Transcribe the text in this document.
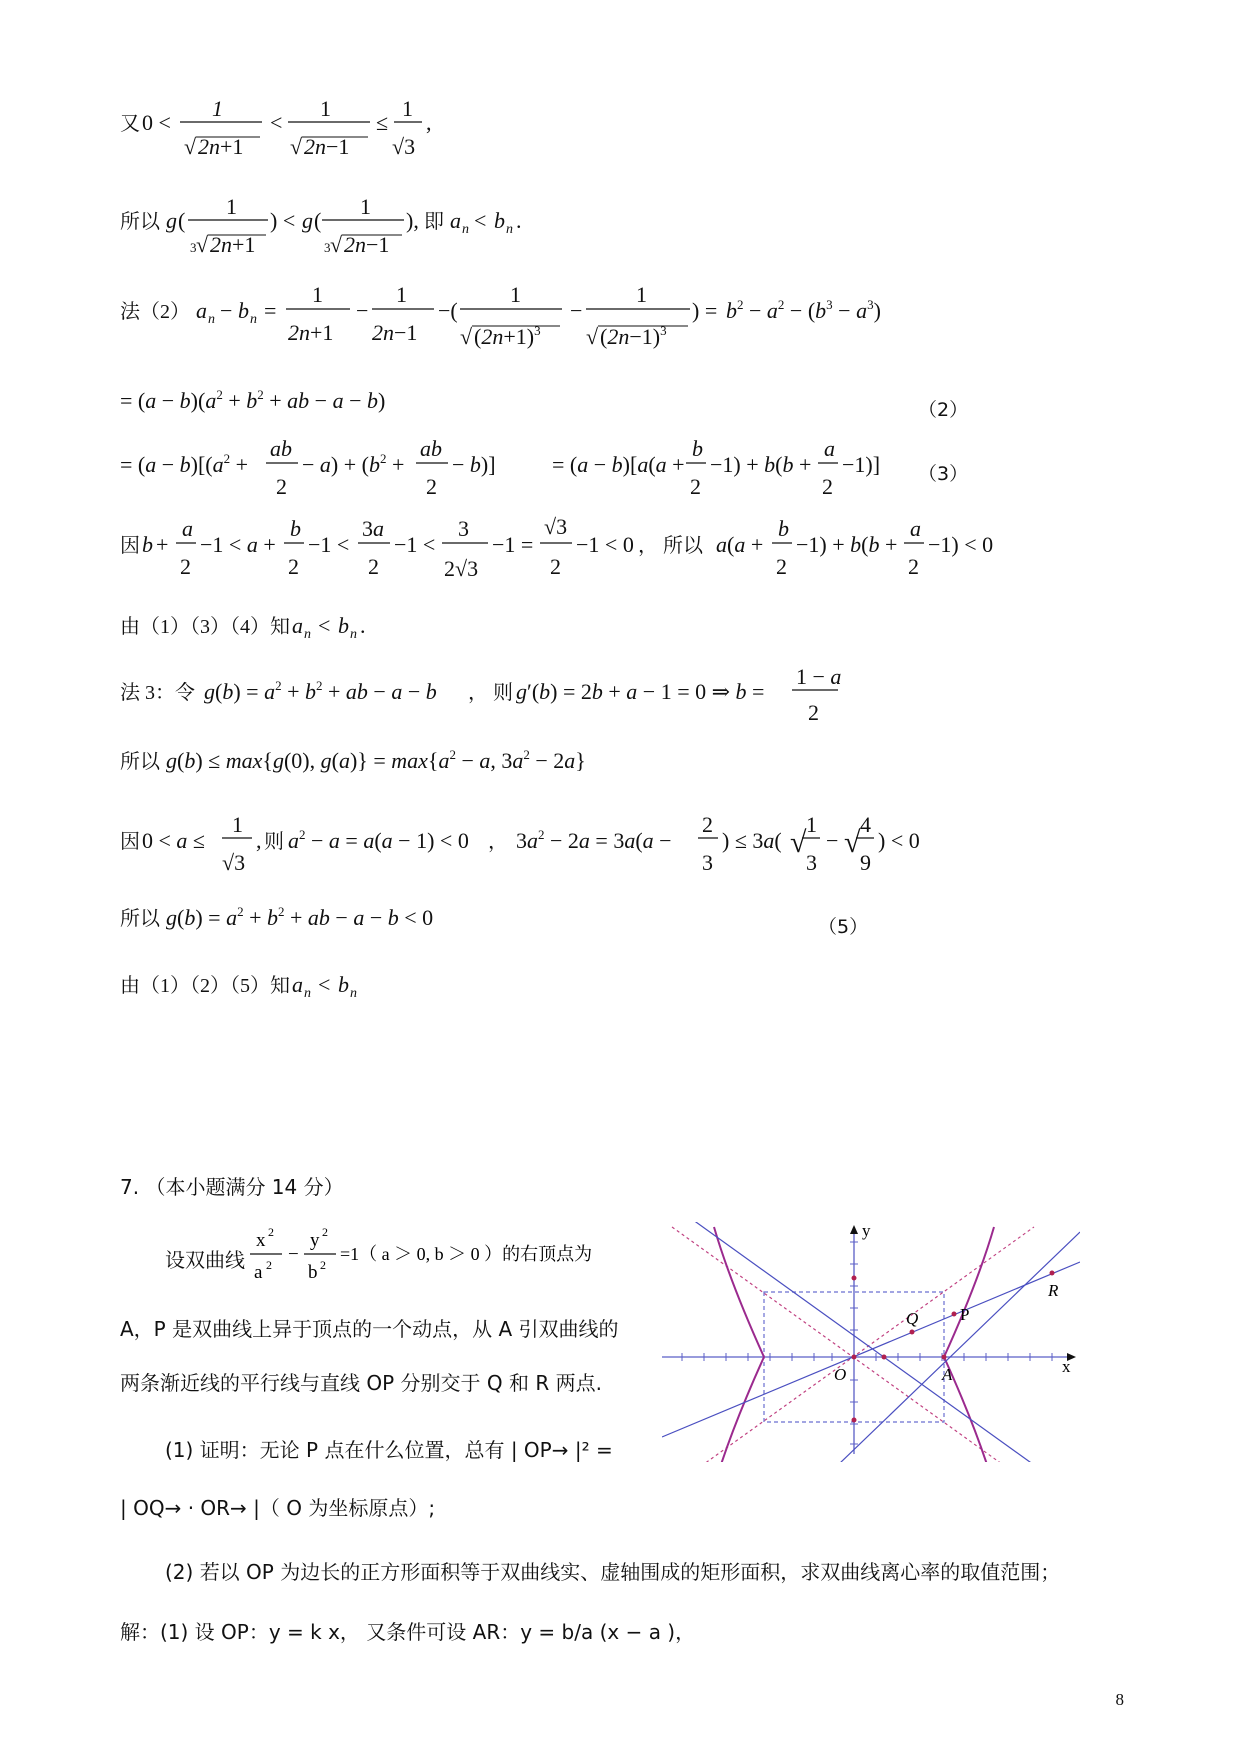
又 0 <
1
√ 2n+1
<
1
√ 2n−1
≤
1
√3
,
所以 g (
1
3 √ 2n+1
) < g (
1
3 √ 2n−1
), 即 a n < b n .
法（2） a n − b n =
1
2n+1
−
1
2n−1
−(
1
√ $(2n+1)^3$
−
1
√ $(2n-1)^3$
) = $b^2 - a^2 - (b^3 - a^3)$
= $(a - b)(a^2 + b^2$ + ab − a − b)
= $(a - b)[(a^2$ +
ab
2
− $a) + (b^2$ +
ab
2
− b)]	= (a − b)[a(a +
b
2
−1) + b(b +
a
2
−1)]
因 b +
a
2
−1 < a +
b
2
−1 <
3a
2
−1 <
3
2√3
−1 =
√3
2
−1 < 0 ， 所以 a(a +
b
2
−1) + b(b +
a
2
−1) < 0
由（1）（3）（4）知 a n < b n .
法 3：令 $g(b) = a^2 + b^2$ + ab − a − b ， 则 g′(b) = 2b + a − 1 = 0 ⇒ b =
1 − a
2
所以 g(b) ≤ max{g(0), $g(a)\} = \max\{a^2 - a$, $3a^2 - 2a$}
因 0 < a ≤
1
√3
, 则 $a^2 - a = a(a - 1) < 0$ ， $3a^2 - 2a = 3a(a$ −
2
3
) ≤ 3a( √
1
3
− √
4
9
) < 0
所以 $g(b) = a^2 + b^2$ + ab − a − b < 0
由（1）（2）（5）知 a n < b n
（2）
（3）
（5）
7. （本小题满分 14 分）
设双曲线
x 2
a 2 −
y 2
b 2
=1（ a ＞ 0, b ＞ 0 ）的右顶点为
A，P 是双曲线上异于顶点的一个动点，从 A 引双曲线的
两条渐近线的平行线与直线 OP 分别交于 Q 和 R 两点.
(1) 证明：无论 P 点在什么位置，总有 | OP→ |² =
| OQ→ · OR→ |（ O 为坐标原点）;
(2) 若以 OP 为边长的正方形面积等于双曲线实、虚轴围成的矩形面积，求双曲线离心率的取值范围；
解：(1) 设 OP：y = k x， 又条件可设 AR：y = b/a (x − a )，
y
x
O	A
P
Q
R
8
